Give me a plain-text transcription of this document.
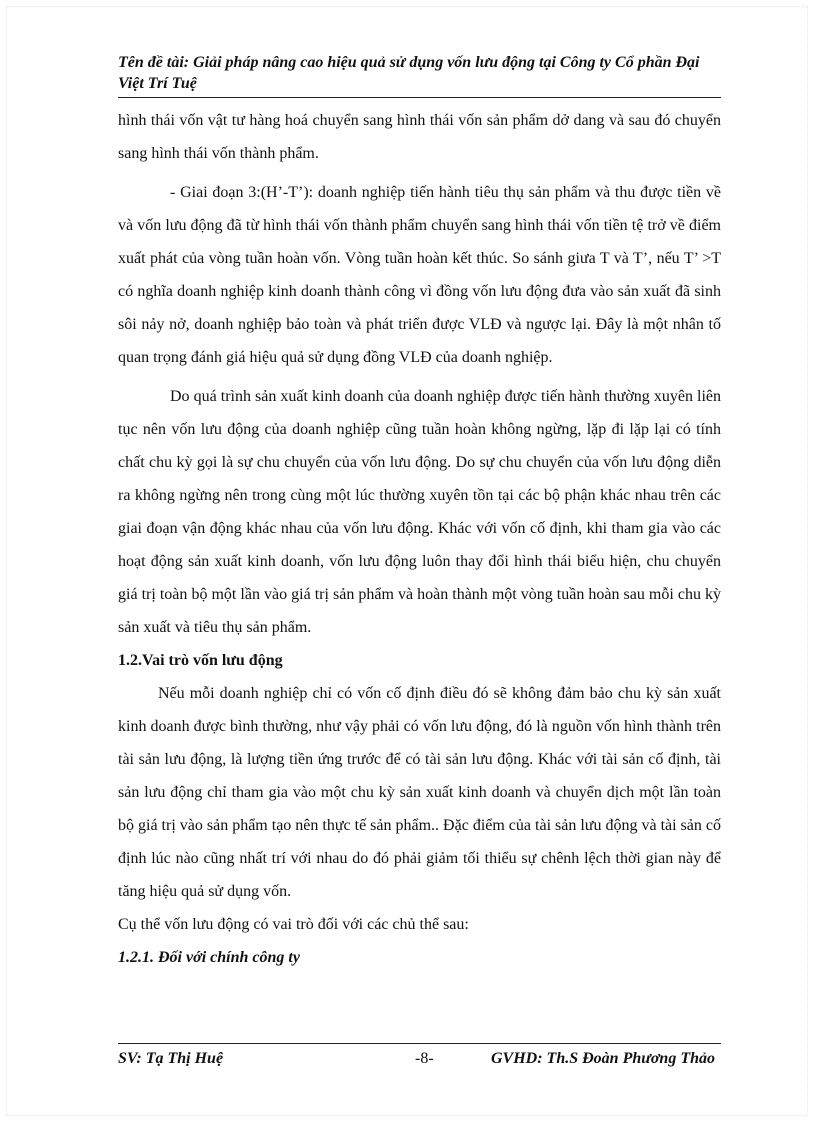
Tên đề tài: Giải pháp nâng cao hiệu quả sử dụng vốn lưu động tại Công ty Cổ phần Đại Việt Trí Tuệ

hình thái vốn vật tư hàng hoá chuyển sang hình thái vốn sản phẩm dở dang và sau đó chuyển sang hình thái vốn thành phẩm.

- Giai đoạn 3:(H’-T’): doanh nghiệp tiến hành tiêu thụ sản phẩm và thu được tiền về và vốn lưu động đã từ hình thái vốn thành phẩm chuyển sang hình thái vốn tiền tệ trở về điểm xuất phát của vòng tuần hoàn vốn. Vòng tuần hoàn kết thúc. So sánh giưa T và T’, nếu T’ >T có nghĩa doanh nghiệp kinh doanh thành công vì đồng vốn lưu động đưa vào sản xuất đã sinh sôi nảy nở, doanh nghiệp bảo toàn và phát triển được VLĐ và ngược lại. Đây là một nhân tố quan trọng đánh giá hiệu quả sử dụng đồng VLĐ của doanh nghiệp.

Do quá trình sản xuất kinh doanh của doanh nghiệp được tiến hành thường xuyên liên tục nên vốn lưu động của doanh nghiệp cũng tuần hoàn không ngừng, lặp đi lặp lại có tính chất chu kỳ gọi là sự chu chuyển của vốn lưu động. Do sự chu chuyển của vốn lưu động diễn ra không ngừng nên trong cùng một lúc thường xuyên tồn tại các bộ phận khác nhau trên các giai đoạn vận động khác nhau của vốn lưu động. Khác với vốn cố định, khi tham gia vào các hoạt động sản xuất kinh doanh, vốn lưu động luôn thay đổi hình thái biểu hiện, chu chuyển giá trị toàn bộ một lần vào giá trị sản phẩm và hoàn thành một vòng tuần hoàn sau mỗi chu kỳ sản xuất và tiêu thụ sản phẩm.

1.2.Vai trò vốn lưu động

Nếu mỗi doanh nghiệp chỉ có vốn cố định điều đó sẽ không đảm bảo chu kỳ sản xuất kinh doanh được bình thường, như vậy phải có vốn lưu động, đó là nguồn vốn hình thành trên tài sản lưu động, là lượng tiền ứng trước để có tài sản lưu động. Khác với tài sản cố định, tài sản lưu động chỉ tham gia vào một chu kỳ sản xuất kinh doanh và chuyển dịch một lần toàn bộ giá trị vào sản phẩm tạo nên thực tế sản phẩm.. Đặc điểm của tài sản lưu động và tài sản cố định lúc nào cũng nhất trí với nhau do đó phải giảm tối thiểu sự chênh lệch thời gian này để tăng hiệu quả sử dụng vốn.

Cụ thể vốn lưu động có vai trò đối với các chủ thể sau:

1.2.1. Đối với chính công ty

SV: Tạ Thị Huệ	-8-	GVHD: Th.S Đoàn Phương Thảo
